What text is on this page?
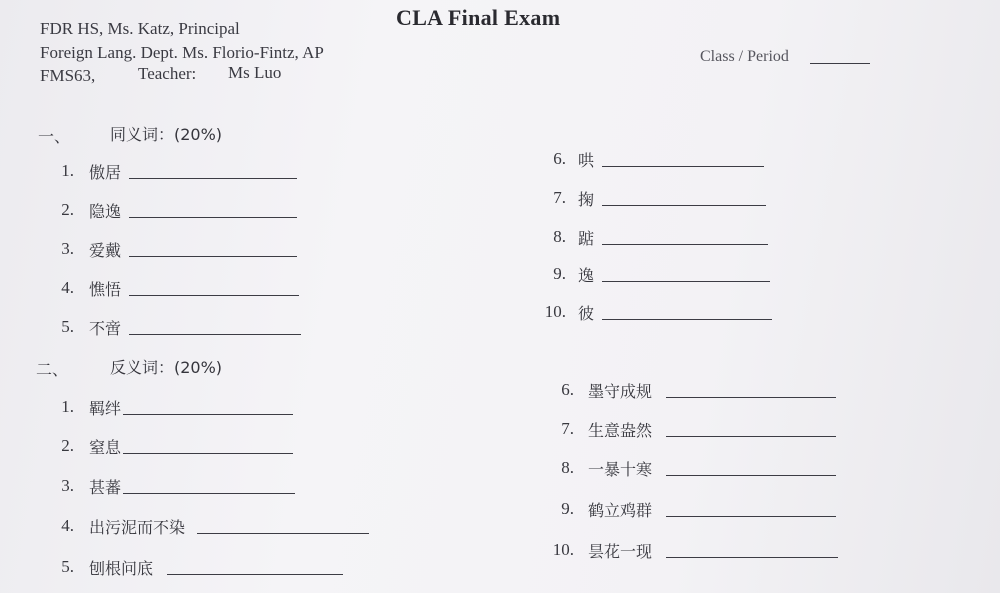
FDR HS, Ms. Katz, Principal
Foreign Lang. Dept. Ms. Florio-Fintz, AP
FMS63,	Teacher: Ms Luo
CLA Final Exam
Class / Period
一、 同义词：(20%)
1. 傲居
2. 隐逸
3. 爱戴
4. 憔悟
5. 不啻
6. 哄
7. 掬
8. 踮
9. 逸
10. 彼
二、	反义词：(20%)
1. 羁绊
2. 窒息
3. 甚蕃
4. 出污泥而不染
5. 刨根问底
6. 墨守成规
7. 生意盎然
8. 一暴十寒
9. 鹤立鸡群
10. 昙花一现
